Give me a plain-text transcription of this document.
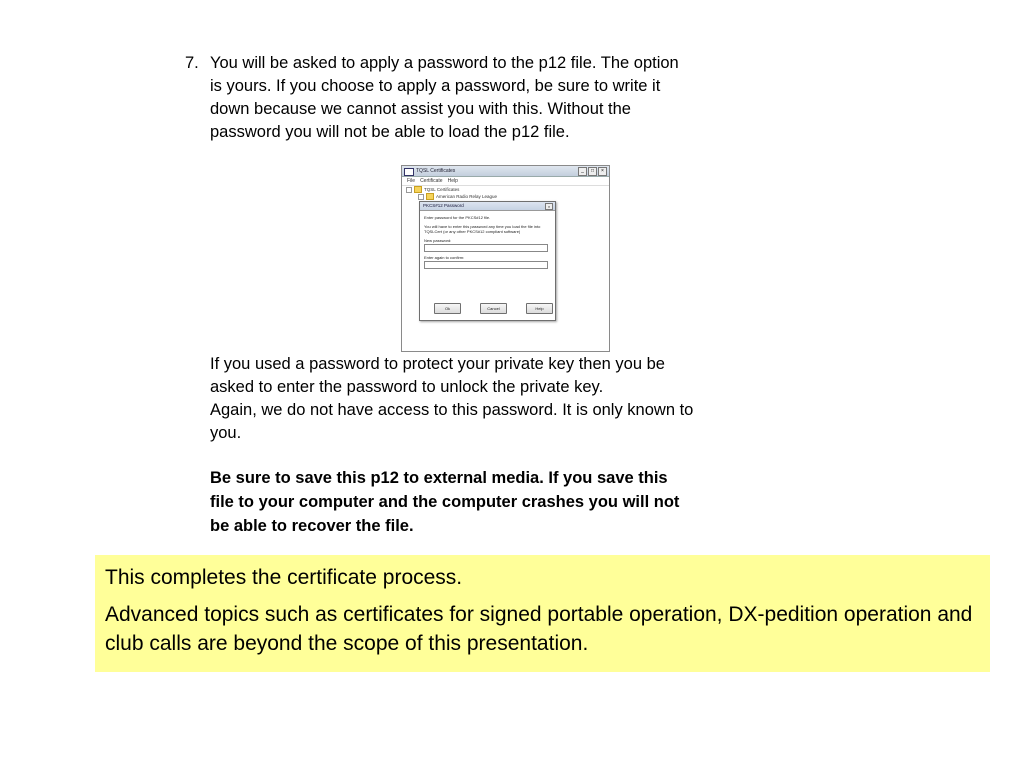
7. You will be asked to apply a password to the p12 file. The option
is yours. If you choose to apply a password, be sure to write it
down because we cannot assist you with this. Without the
password you will not be able to load the p12 file.
TQSL Certificates	_	□	×
File Certificate Help
TQSL Certificates
American Radio Relay League
PKCS#12 Password	×

Enter password for the PKCS#12 file.

You will have to enter this password any time you load the file into TQSLCert (or any other PKCS#12 compliant software)

New password:
Enter again to confirm:
Ok	Cancel	Help
If you used a password to protect your private key then you be
asked to enter the password to unlock the private key.
Again, we do not have access to this password. It is only known to
you.
Be sure to save this p12 to external media. If you save this
file to your computer and the computer crashes you will not
be able to recover the file.

This completes the certificate process.

Advanced topics such as certificates for signed portable operation, DX-pedition operation and club calls are beyond the scope of this presentation.
